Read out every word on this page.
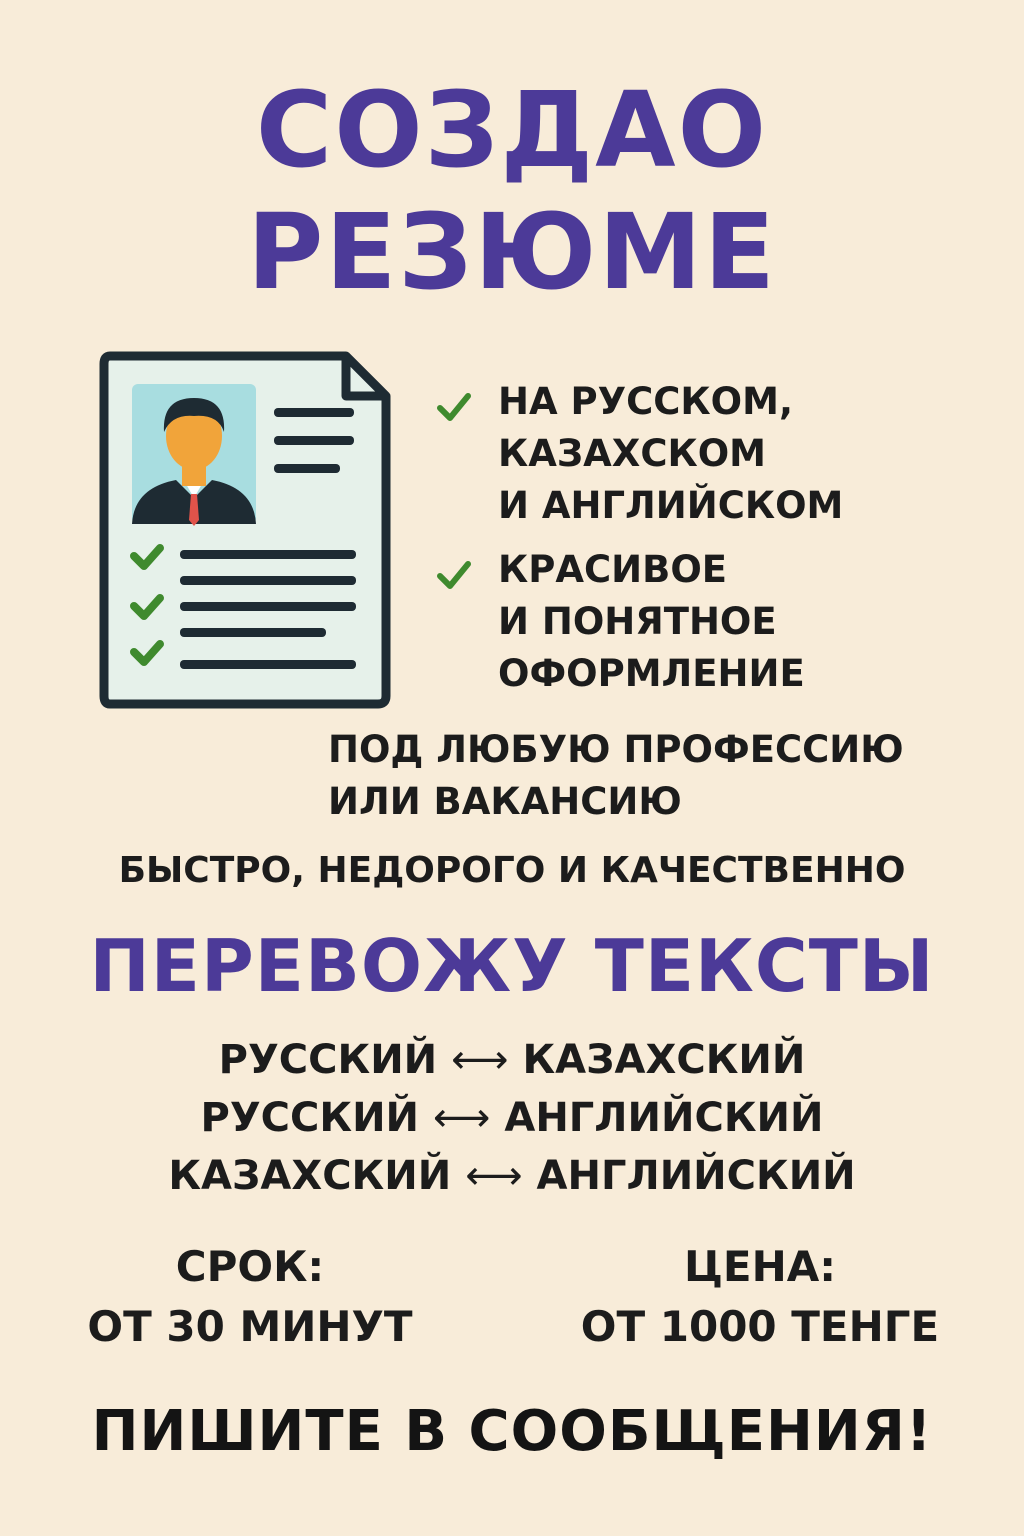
СОЗДАО
РЕЗЮМЕ
НА РУССКОМ,
КАЗАХСКОМ
И АНГЛИЙСКОМ
КРАСИВОЕ
И ПОНЯТНОЕ
ОФОРМЛЕНИЕ
ПОД ЛЮБУЮ ПРОФЕССИЮ
ИЛИ ВАКАНСИЮ
БЫСТРО, НЕДОРОГО И КАЧЕСТВЕННО
ПЕРЕВОЖУ ТЕКСТЫ
РУССКИЙ ⟷ КАЗАХСКИЙ
РУССКИЙ ⟷ АНГЛИЙСКИЙ
КАЗАХСКИЙ ⟷ АНГЛИЙСКИЙ
СРОК:
ОТ 30 МИНУТ
ЦЕНА:
ОТ 1000 ТЕНГЕ
ПИШИТЕ В СООБЩЕНИЯ!
